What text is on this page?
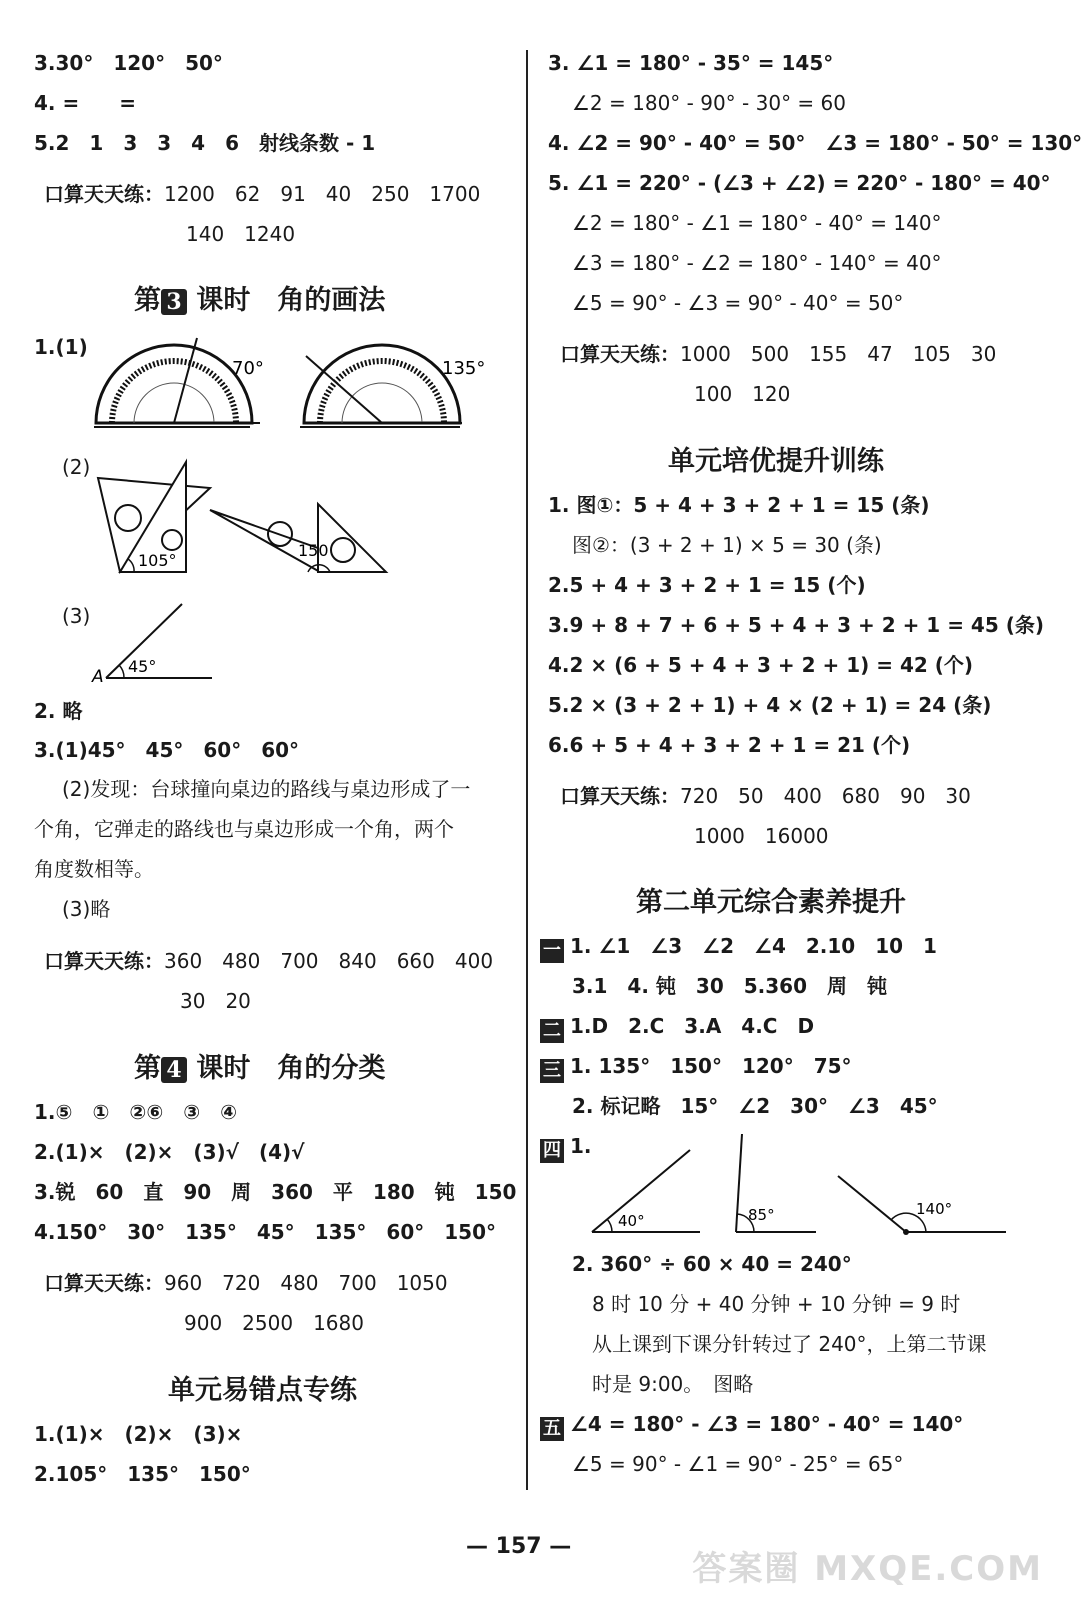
3.30°　120°　50°
4. =　　=
5.2　1　3　3　4　6　射线条数 - 1
口算天天练：1200　62　91　40　250　1700
140　1240
第 3 课时　角的画法
1.(1)
70°	135°
(2)
105°
150
(3)
A
45°
2. 略
3.(1)45°　45°　60°　60°
(2)发现：台球撞向桌边的路线与桌边形成了一
个角，它弹走的路线也与桌边形成一个角，两个
角度数相等。
(3)略
口算天天练：360　480　700　840　660　400
30　20
第 4 课时　角的分类
1.⑤　①　②⑥　③　④
2.(1)×　(2)×　(3)√　(4)√
3.锐　60　直　90　周　360　平　180　钝　150
4.150°　30°　135°　45°　135°　60°　150°
口算天天练：960　720　480　700　1050
900　2500　1680
单元易错点专练
1.(1)×　(2)×　(3)×
2.105°　135°　150°
3. ∠1 = 180° - 35° = 145°
∠2 = 180° - 90° - 30° = 60
4. ∠2 = 90° - 40° = 50°　∠3 = 180° - 50° = 130°
5. ∠1 = 220° - (∠3 + ∠2) = 220° - 180° = 40°
∠2 = 180° - ∠1 = 180° - 40° = 140°
∠3 = 180° - ∠2 = 180° - 140° = 40°
∠5 = 90° - ∠3 = 90° - 40° = 50°
口算天天练：1000　500　155　47　105　30
100　120
单元培优提升训练
1. 图①：5 + 4 + 3 + 2 + 1 = 15 (条)
图②：(3 + 2 + 1) × 5 = 30 (条)
2.5 + 4 + 3 + 2 + 1 = 15 (个)
3.9 + 8 + 7 + 6 + 5 + 4 + 3 + 2 + 1 = 45 (条)
4.2 × (6 + 5 + 4 + 3 + 2 + 1) = 42 (个)
5.2 × (3 + 2 + 1) + 4 × (2 + 1) = 24 (条)
6.6 + 5 + 4 + 3 + 2 + 1 = 21 (个)
口算天天练：720　50　400　680　90　30
1000　16000
第二单元综合素养提升
一 1. ∠1　∠3　∠2　∠4　2.10　10　1
3.1　4. 钝　30　5.360　周　钝
二 1.D　2.C　3.A　4.C　D
三 1. 135°　150°　120°　75°
2. 标记略　15°　∠2　30°　∠3　45°
四 1.
40°	85°	140°
2. 360° ÷ 60 × 40 = 240°
8 时 10 分 + 40 分钟 + 10 分钟 = 9 时
从上课到下课分针转过了 240°，上第二节课
时是 9:00。　图略
五 ∠4 = 180° - ∠3 = 180° - 40° = 140°
∠5 = 90° - ∠1 = 90° - 25° = 65°
— 157 —
答案圈 MXQE.COM
